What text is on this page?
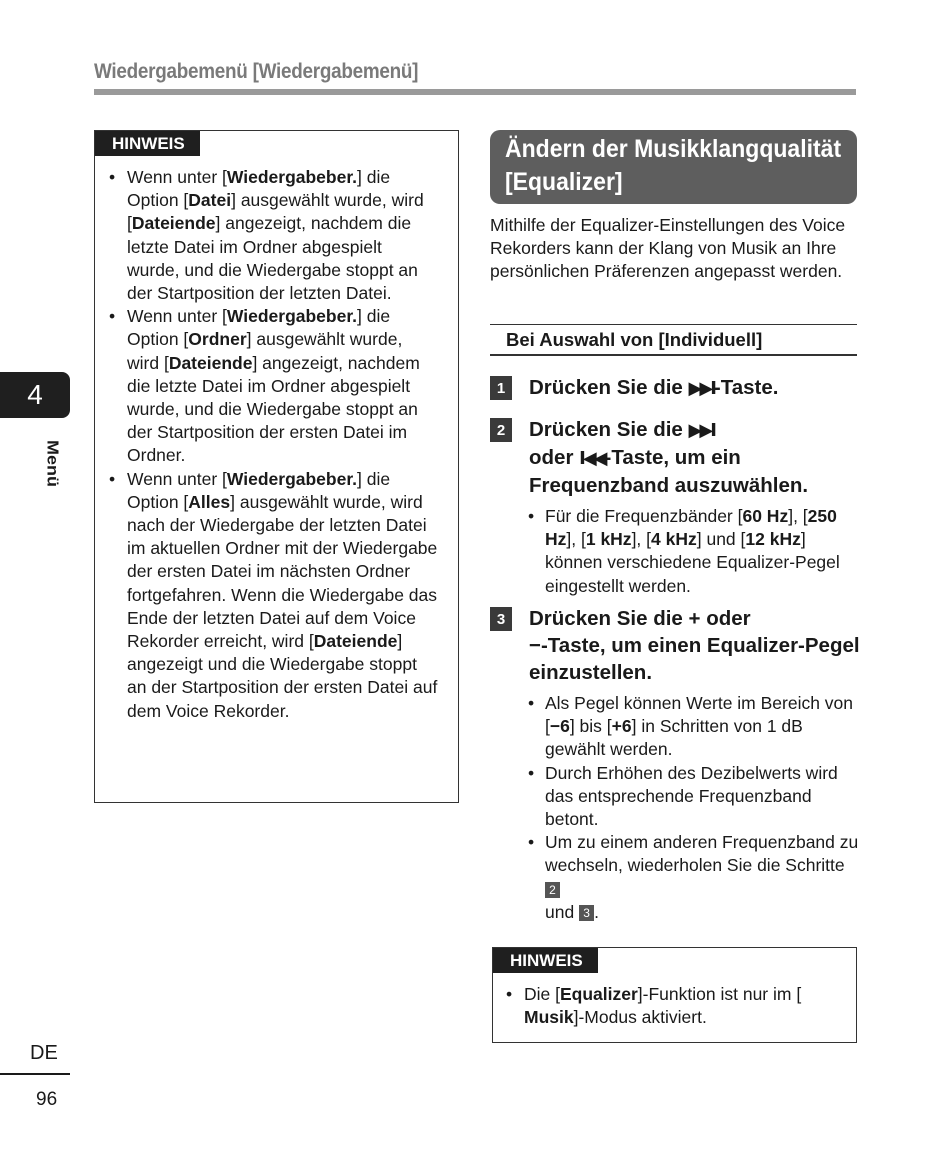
Wiedergabemenü [Wiedergabemenü]
4
Menü
DE
96
HINWEIS
• Wenn unter [Wiedergabeber.] die Option [Datei] ausgewählt wurde, wird [Dateiende] angezeigt, nachdem die letzte Datei im Ordner abgespielt wurde, und die Wiedergabe stoppt an der Startposition der letzten Datei.
• Wenn unter [Wiedergabeber.] die Option [Ordner] ausgewählt wurde, wird [Dateiende] angezeigt, nachdem die letzte Datei im Ordner abgespielt wurde, und die Wiedergabe stoppt an der Startposition der ersten Datei im Ordner.
• Wenn unter [Wiedergabeber.] die Option [Alles] ausgewählt wurde, wird nach der Wiedergabe der letzten Datei im aktuellen Ordner mit der Wiedergabe der ersten Datei im nächsten Ordner fortgefahren. Wenn die Wiedergabe das Ende der letzten Datei auf dem Voice Rekorder erreicht, wird [Dateiende] angezeigt und die Wiedergabe stoppt an der Startposition der ersten Datei auf dem Voice Rekorder.
Ändern der Musikklangqualität
[Equalizer]
Mithilfe der Equalizer-Einstellungen des Voice Rekorders kann der Klang von Musik an Ihre persönlichen Präferenzen angepasst werden.
Bei Auswahl von [Individuell]
1	Drücken Sie die ▶▶I-Taste.
2	Drücken Sie die ▶▶I
oder I◀◀-Taste, um ein Frequenzband auszuwählen.
• Für die Frequenzbänder [60 Hz], [250 Hz], [1 kHz], [4 kHz] und [12 kHz] können verschiedene Equalizer-Pegel eingestellt werden.
3	Drücken Sie die + oder
−-Taste, um einen Equalizer-Pegel einzustellen.
• Als Pegel können Werte im Bereich von [−6] bis [+6] in Schritten von 1 dB gewählt werden.
• Durch Erhöhen des Dezibelwerts wird das entsprechende Frequenzband betont.
• Um zu einem anderen Frequenzband zu wechseln, wiederholen Sie die Schritte 2
und 3 .
HINWEIS
• Die [Equalizer]-Funktion ist nur im [
Musik]-Modus aktiviert.
